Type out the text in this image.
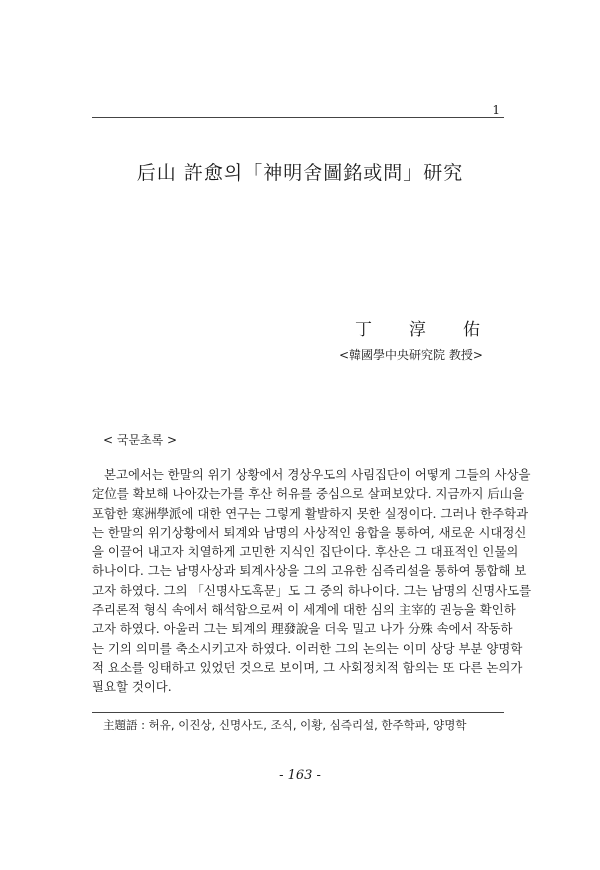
1
后山 許愈의「神明舍圖銘或問」研究
丁 淳 佑
<韓國學中央研究院 教授>
< 국문초록 >
본고에서는 한말의 위기 상황에서 경상우도의 사림집단이 어떻게 그들의 사상을
定位를 확보해 나아갔는가를 후산 허유를 중심으로 살펴보았다. 지금까지 后山을
포함한 寒洲學派에 대한 연구는 그렇게 활발하지 못한 실정이다. 그러나 한주학과
는 한말의 위기상황에서 퇴계와 남명의 사상적인 융합을 통하여, 새로운 시대정신
을 이끌어 내고자 치열하게 고민한 지식인 집단이다. 후산은 그 대표적인 인물의
하나이다. 그는 남명사상과 퇴계사상을 그의 고유한 심즉리설을 통하여 통합해 보
고자 하였다. 그의 「신명사도혹문」도 그 중의 하나이다. 그는 남명의 신명사도를
주리론적 형식 속에서 해석함으로써 이 세계에 대한 심의 主宰的 권능을 확인하
고자 하였다. 아울러 그는 퇴계의 理發說을 더욱 밀고 나가 分殊 속에서 작동하
는 기의 의미를 축소시키고자 하였다. 이러한 그의 논의는 이미 상당 부분 양명학
적 요소를 잉태하고 있었던 것으로 보이며, 그 사회정치적 함의는 또 다른 논의가
필요할 것이다.
主題語 : 허유, 이진상, 신명사도, 조식, 이황, 심즉리설, 한주학파, 양명학
- 163 -
